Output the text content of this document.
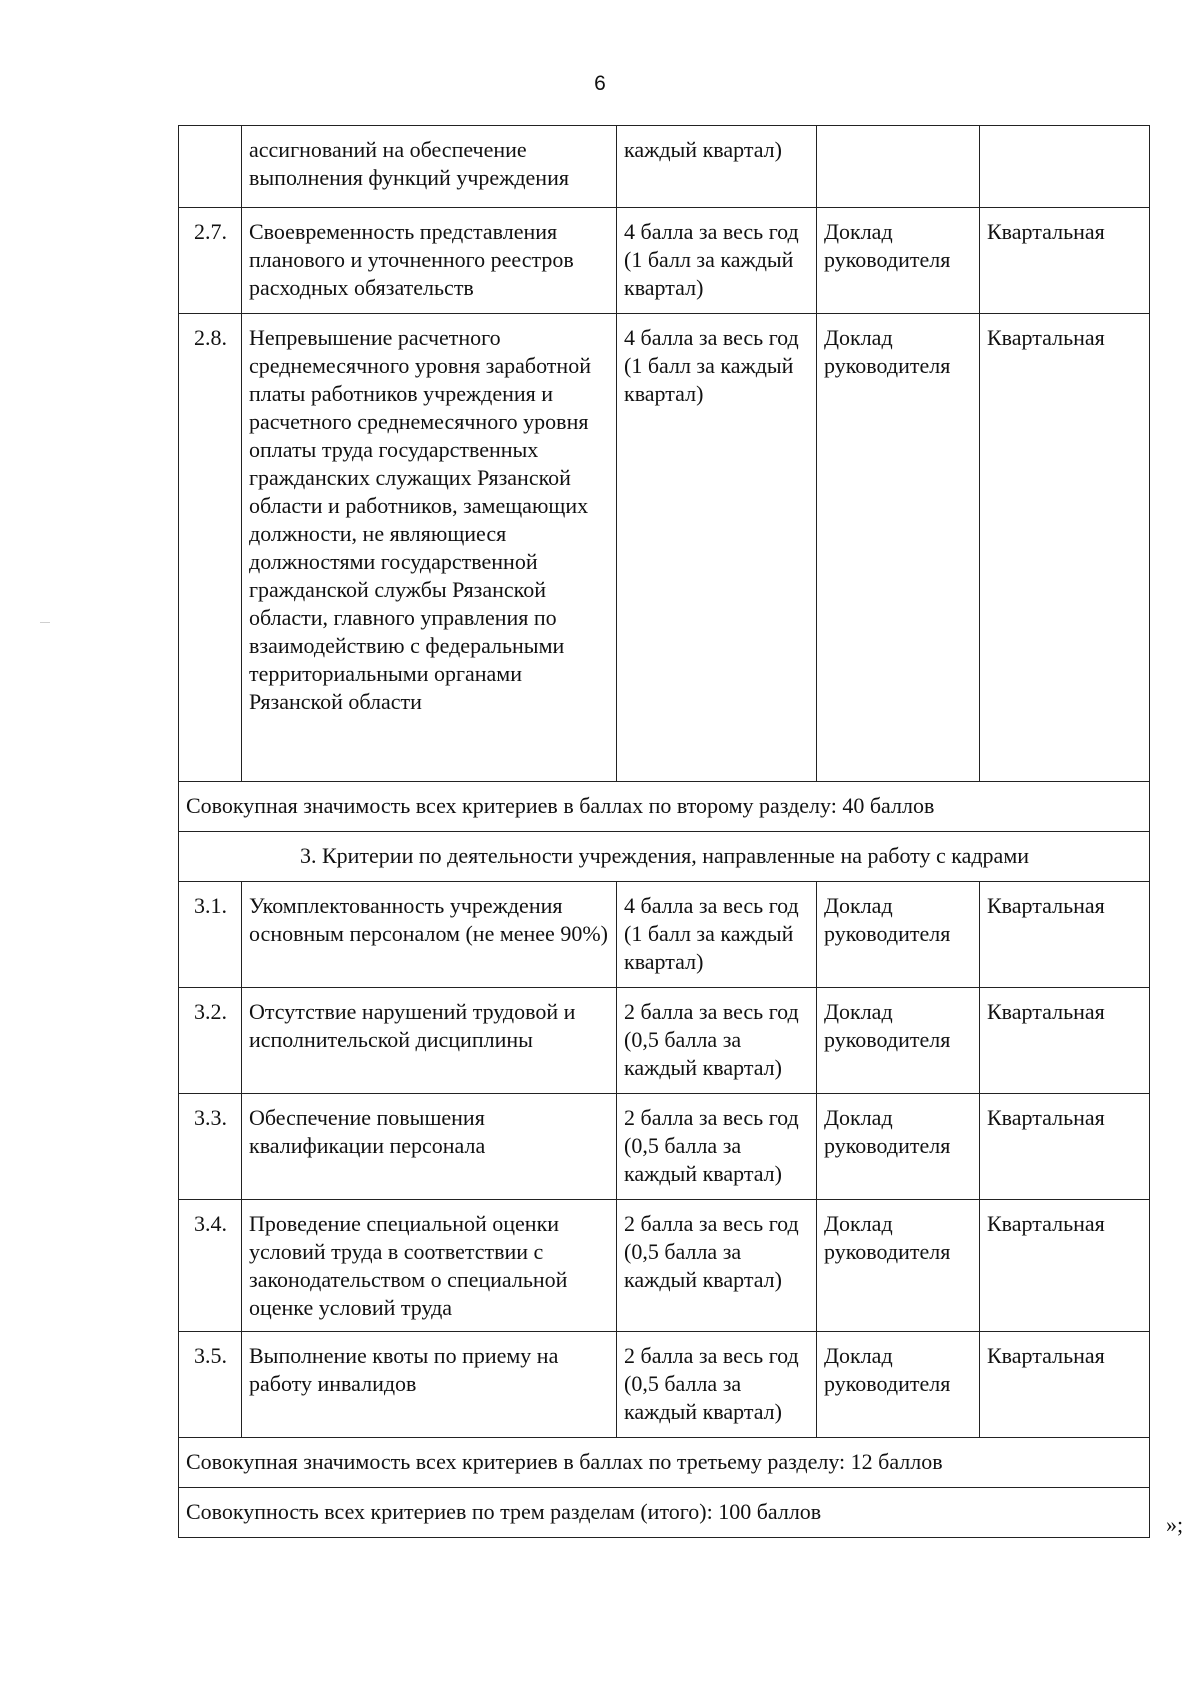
6
	ассигнований на обеспечение выполнения функций учреждения	каждый квартал)		
2.7.	Своевременность представления планового и уточненного реестров расходных обязательств	4 балла за весь год (1 балл за каждый квартал)	Доклад руководителя	Квартальная
2.8.	Непревышение расчетного среднемесячного уровня заработной платы работников учреждения и расчетного среднемесячного уровня оплаты труда государственных гражданских служащих Рязанской области и работников, замещающих должности, не являющиеся должностями государственной гражданской службы Рязанской области, главного управления по взаимодействию с федеральными территориальными органами Рязанской области	4 балла за весь год (1 балл за каждый квартал)	Доклад руководителя	Квартальная
Совокупная значимость всех критериев в баллах по второму разделу: 40 баллов				
3. Критерии по деятельности учреждения, направленные на работу с кадрами				
3.1.	Укомплектованность учреждения основным персоналом (не менее 90%)	4 балла за весь год (1 балл за каждый квартал)	Доклад руководителя	Квартальная
3.2.	Отсутствие нарушений трудовой и исполнительской дисциплины	2 балла за весь год (0,5 балла за каждый квартал)	Доклад руководителя	Квартальная
3.3.	Обеспечение повышения квалификации персонала	2 балла за весь год (0,5 балла за каждый квартал)	Доклад руководителя	Квартальная
3.4.	Проведение специальной оценки условий труда в соответствии с законодательством о специальной оценке условий труда	2 балла за весь год (0,5 балла за каждый квартал)	Доклад руководителя	Квартальная
3.5.	Выполнение квоты по приему на работу инвалидов	2 балла за весь год (0,5 балла за каждый квартал)	Доклад руководителя	Квартальная
Совокупная значимость всех критериев в баллах по третьему разделу: 12 баллов				
Совокупность всех критериев по трем разделам (итого): 100 баллов				
»;
